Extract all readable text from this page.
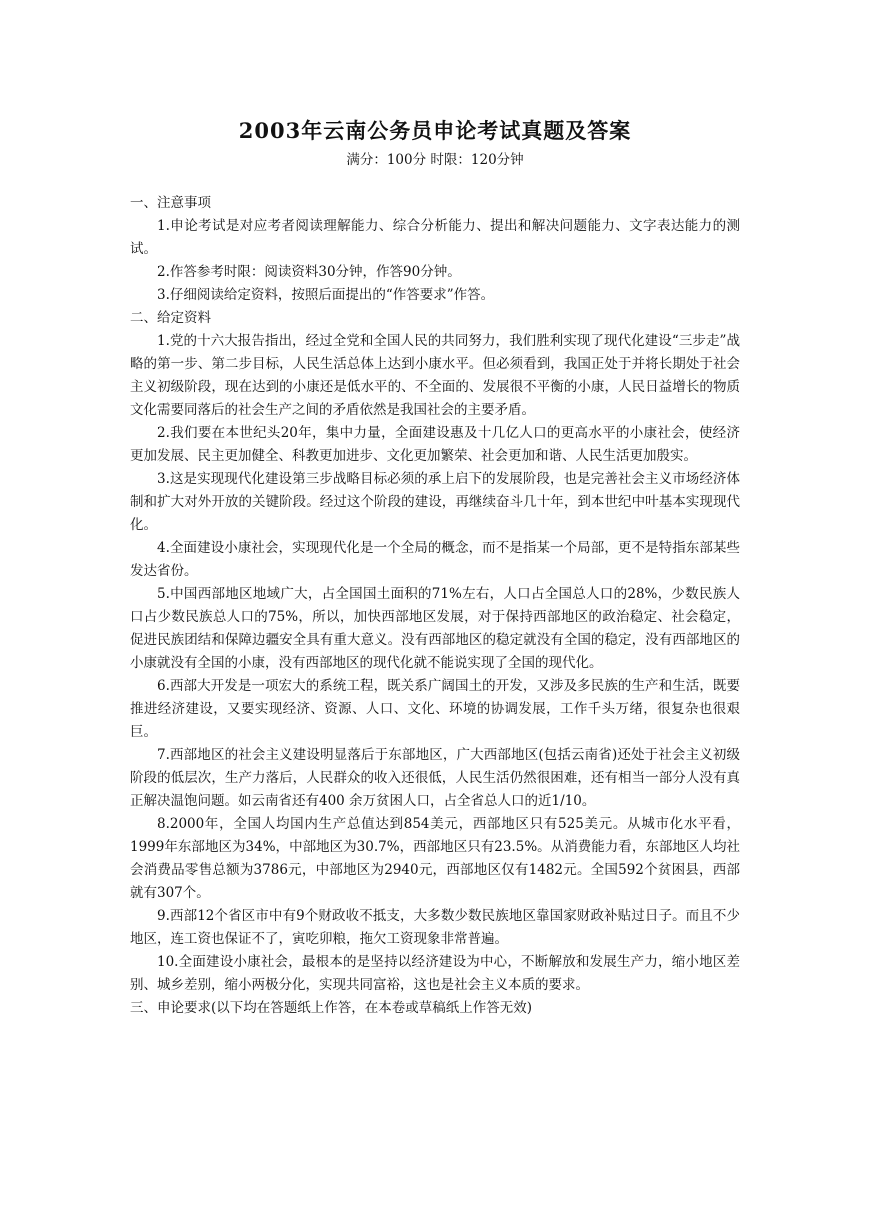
2003年云南公务员申论考试真题及答案
满分：100分 时限：120分钟

一、注意事项

1.申论考试是对应考者阅读理解能力、综合分析能力、提出和解决问题能力、文字表达能力的测试。

2.作答参考时限：阅读资料30分钟，作答90分钟。

3.仔细阅读给定资料，按照后面提出的“作答要求”作答。

二、给定资料

1.党的十六大报告指出，经过全党和全国人民的共同努力，我们胜利实现了现代化建设“三步走”战略的第一步、第二步目标，人民生活总体上达到小康水平。但必须看到，我国正处于并将长期处于社会主义初级阶段，现在达到的小康还是低水平的、不全面的、发展很不平衡的小康，人民日益增长的物质文化需要同落后的社会生产之间的矛盾依然是我国社会的主要矛盾。

2.我们要在本世纪头20年，集中力量，全面建设惠及十几亿人口的更高水平的小康社会，使经济更加发展、民主更加健全、科教更加进步、文化更加繁荣、社会更加和谐、人民生活更加殷实。

3.这是实现现代化建设第三步战略目标必须的承上启下的发展阶段，也是完善社会主义市场经济体制和扩大对外开放的关键阶段。经过这个阶段的建设，再继续奋斗几十年，到本世纪中叶基本实现现代化。

4.全面建设小康社会，实现现代化是一个全局的概念，而不是指某一个局部，更不是特指东部某些发达省份。

5.中国西部地区地域广大，占全国国土面积的71%左右，人口占全国总人口的28%，少数民族人口占少数民族总人口的75%，所以，加快西部地区发展，对于保持西部地区的政治稳定、社会稳定，促进民族团结和保障边疆安全具有重大意义。没有西部地区的稳定就没有全国的稳定，没有西部地区的小康就没有全国的小康，没有西部地区的现代化就不能说实现了全国的现代化。

6.西部大开发是一项宏大的系统工程，既关系广阔国土的开发，又涉及多民族的生产和生活，既要推进经济建设，又要实现经济、资源、人口、文化、环境的协调发展，工作千头万绪，很复杂也很艰巨。

7.西部地区的社会主义建设明显落后于东部地区，广大西部地区(包括云南省)还处于社会主义初级阶段的低层次，生产力落后，人民群众的收入还很低，人民生活仍然很困难，还有相当一部分人没有真正解决温饱问题。如云南省还有400 余万贫困人口，占全省总人口的近1/10。

8.2000年，全国人均国内生产总值达到854美元，西部地区只有525美元。从城市化水平看，1999年东部地区为34%，中部地区为30.7%，西部地区只有23.5%。从消费能力看，东部地区人均社会消费品零售总额为3786元，中部地区为2940元，西部地区仅有1482元。全国592个贫困县，西部就有307个。

9.西部12个省区市中有9个财政收不抵支，大多数少数民族地区靠国家财政补贴过日子。而且不少地区，连工资也保证不了，寅吃卯粮，拖欠工资现象非常普遍。

10.全面建设小康社会，最根本的是坚持以经济建设为中心，不断解放和发展生产力，缩小地区差别、城乡差别，缩小两极分化，实现共同富裕，这也是社会主义本质的要求。

三、申论要求(以下均在答题纸上作答，在本卷或草稿纸上作答无效)
